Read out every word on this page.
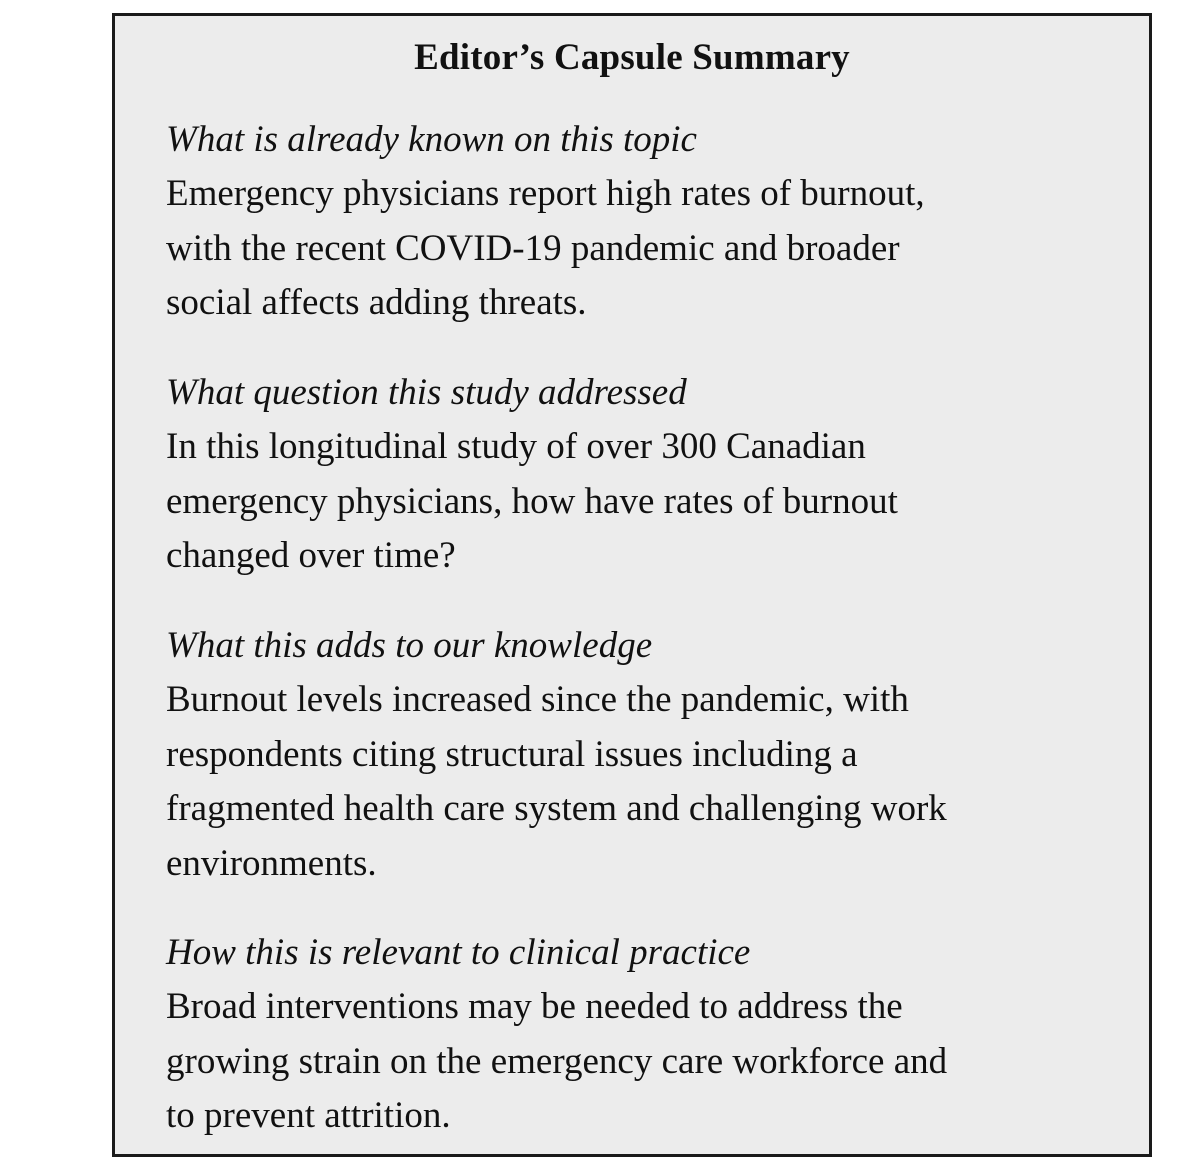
Editor’s Capsule Summary

What is already known on this topic

Emergency physicians report high rates of burnout,
with the recent COVID-19 pandemic and broader
social affects adding threats.

What question this study addressed

In this longitudinal study of over 300 Canadian
emergency physicians, how have rates of burnout
changed over time?

What this adds to our knowledge

Burnout levels increased since the pandemic, with
respondents citing structural issues including a
fragmented health care system and challenging work
environments.

How this is relevant to clinical practice

Broad interventions may be needed to address the
growing strain on the emergency care workforce and
to prevent attrition.
